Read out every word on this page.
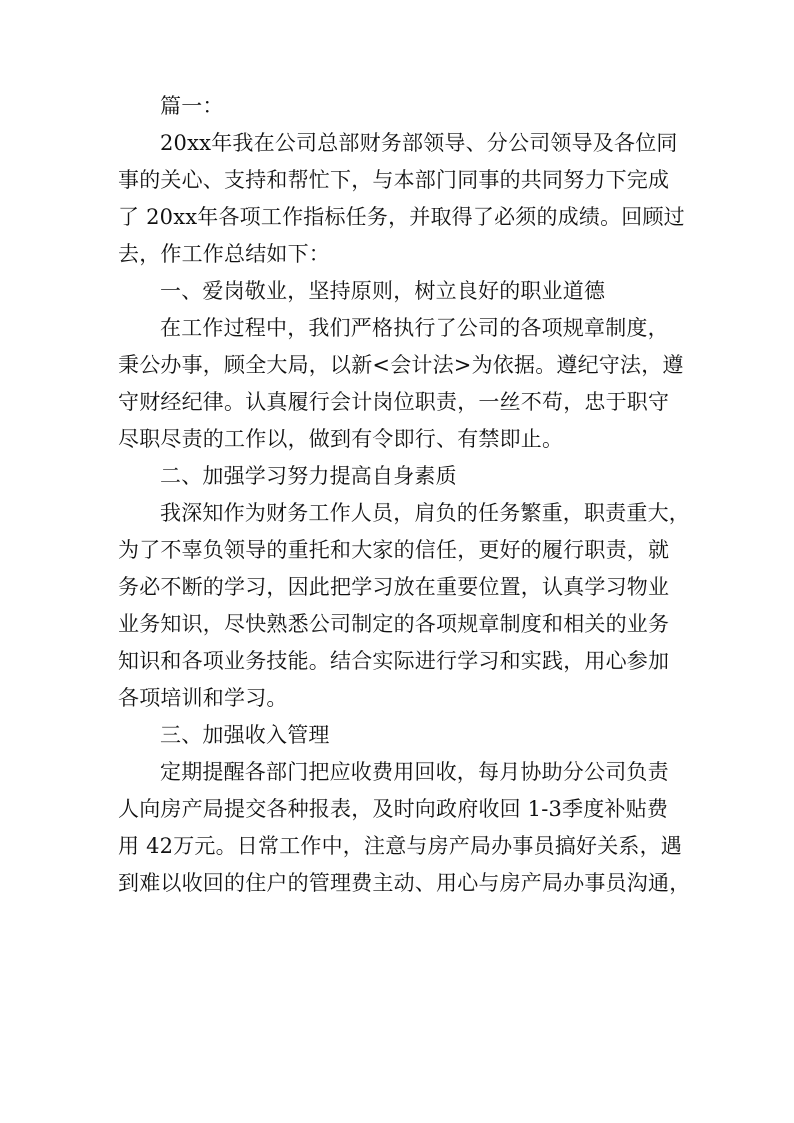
篇一：
20xx年我在公司总部财务部领导、分公司领导及各位同
事的关心、支持和帮忙下，与本部门同事的共同努力下完成
了 20xx年各项工作指标任务，并取得了必须的成绩。回顾过
去，作工作总结如下：
一、爱岗敬业，坚持原则，树立良好的职业道德
在工作过程中，我们严格执行了公司的各项规章制度，
秉公办事，顾全大局，以新<会计法>为依据。遵纪守法，遵
守财经纪律。认真履行会计岗位职责，一丝不苟，忠于职守
尽职尽责的工作以，做到有令即行、有禁即止。
二、加强学习努力提高自身素质
我深知作为财务工作人员，肩负的任务繁重，职责重大，
为了不辜负领导的重托和大家的信任，更好的履行职责，就
务必不断的学习，因此把学习放在重要位置，认真学习物业
业务知识，尽快熟悉公司制定的各项规章制度和相关的业务
知识和各项业务技能。结合实际进行学习和实践，用心参加
各项培训和学习。
三、加强收入管理
定期提醒各部门把应收费用回收，每月协助分公司负责
人向房产局提交各种报表，及时向政府收回 1-3季度补贴费
用 42万元。日常工作中，注意与房产局办事员搞好关系，遇
到难以收回的住户的管理费主动、用心与房产局办事员沟通，
